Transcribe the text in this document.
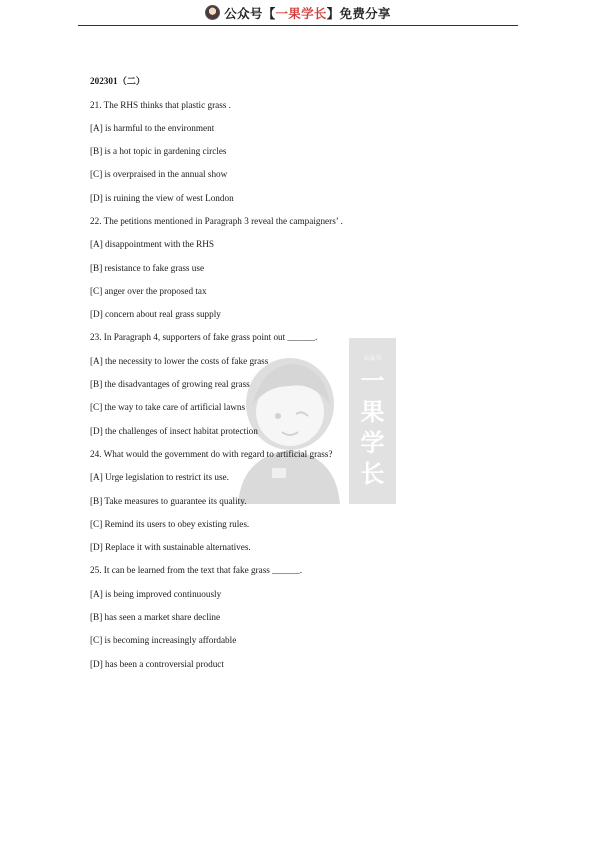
公众号【一果学长】免费分享
公众号
一
果
学
长
202301（二）
21. The RHS thinks that plastic grass .
[A] is harmful to the environment
[B] is a hot topic in gardening circles
[C] is overpraised in the annual show
[D] is ruining the view of west London
22. The petitions mentioned in Paragraph 3 reveal the campaigners’ .
[A] disappointment with the RHS
[B] resistance to fake grass use
[C] anger over the proposed tax
[D] concern about real grass supply
23. In Paragraph 4, supporters of fake grass point out ______.
[A] the necessity to lower the costs of fake grass
[B] the disadvantages of growing real grass
[C] the way to take care of artificial lawns
[D] the challenges of insect habitat protection
24. What would the government do with regard to artificial grass?
[A] Urge legislation to restrict its use.
[B] Take measures to guarantee its quality.
[C] Remind its users to obey existing rules.
[D] Replace it with sustainable alternatives.
25. It can be learned from the text that fake grass ______.
[A] is being improved continuously
[B] has seen a market share decline
[C] is becoming increasingly affordable
[D] has been a controversial product
